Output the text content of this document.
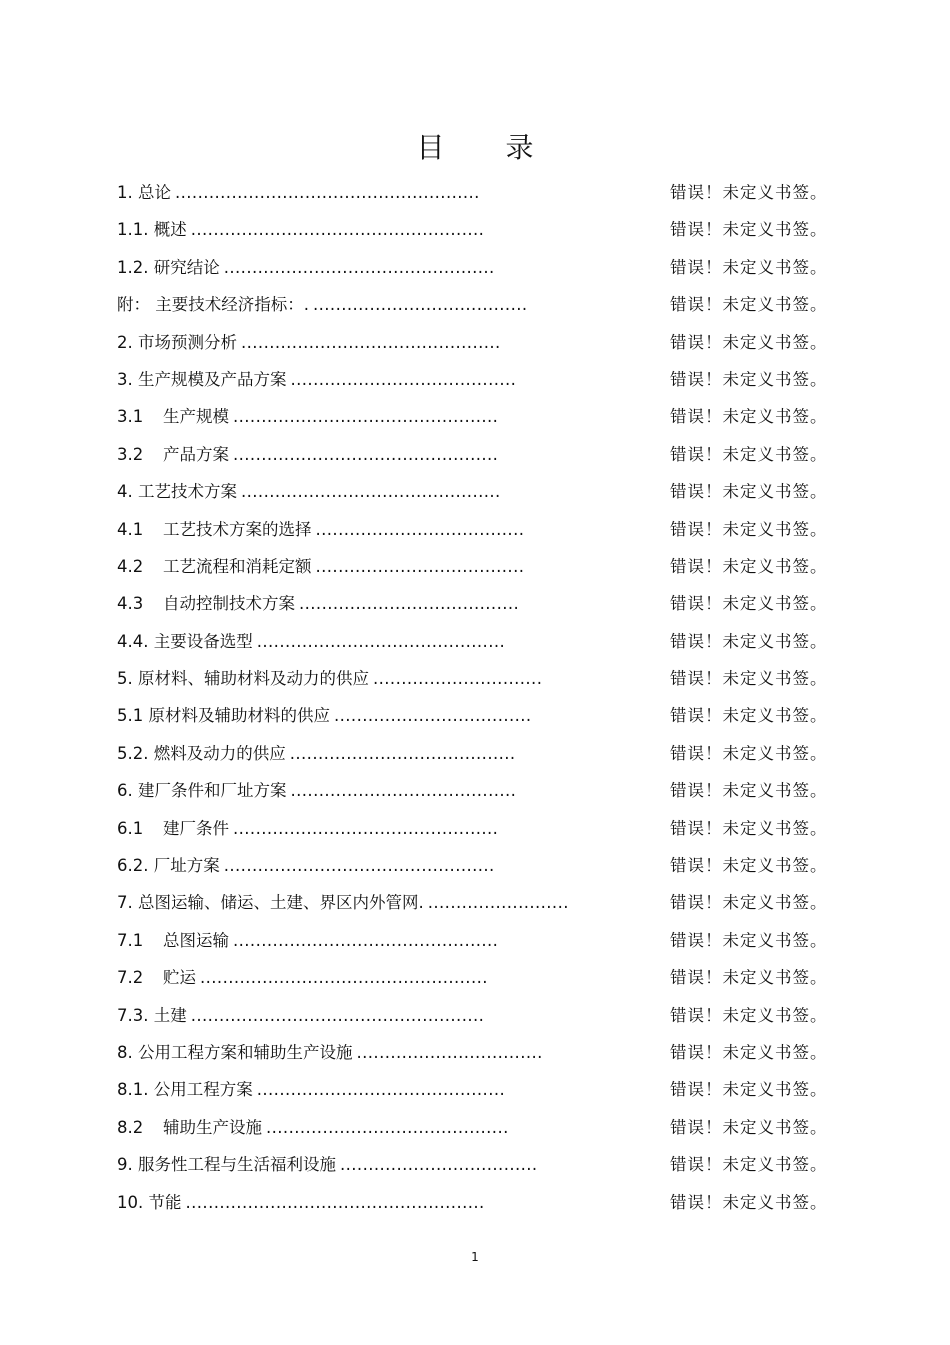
目 录
1. 总论 ......................................................	错误！未定义书签。
1.1. 概述 ....................................................	错误！未定义书签。
1.2. 研究结论 ................................................	错误！未定义书签。
附： 主要技术经济指标：. ......................................	错误！未定义书签。
2. 市场预测分析 ..............................................	错误！未定义书签。
3. 生产规模及产品方案 ........................................	错误！未定义书签。
3.1 生产规模 ...............................................	错误！未定义书签。
3.2 产品方案 ...............................................	错误！未定义书签。
4. 工艺技术方案 ..............................................	错误！未定义书签。
4.1 工艺技术方案的选择 .....................................	错误！未定义书签。
4.2 工艺流程和消耗定额 .....................................	错误！未定义书签。
4.3 自动控制技术方案 .......................................	错误！未定义书签。
4.4. 主要设备选型 ............................................	错误！未定义书签。
5. 原材料、辅助材料及动力的供应 ..............................	错误！未定义书签。
5.1 原材料及辅助材料的供应 ...................................	错误！未定义书签。
5.2. 燃料及动力的供应 ........................................	错误！未定义书签。
6. 建厂条件和厂址方案 ........................................	错误！未定义书签。
6.1 建厂条件 ...............................................	错误！未定义书签。
6.2. 厂址方案 ................................................	错误！未定义书签。
7. 总图运输、储运、土建、界区内外管网. .........................	错误！未定义书签。
7.1 总图运输 ...............................................	错误！未定义书签。
7.2 贮运 ...................................................	错误！未定义书签。
7.3. 土建 ....................................................	错误！未定义书签。
8. 公用工程方案和辅助生产设施 .................................	错误！未定义书签。
8.1. 公用工程方案 ............................................	错误！未定义书签。
8.2 辅助生产设施 ...........................................	错误！未定义书签。
9. 服务性工程与生活福利设施 ...................................	错误！未定义书签。
10. 节能 .....................................................	错误！未定义书签。
1
